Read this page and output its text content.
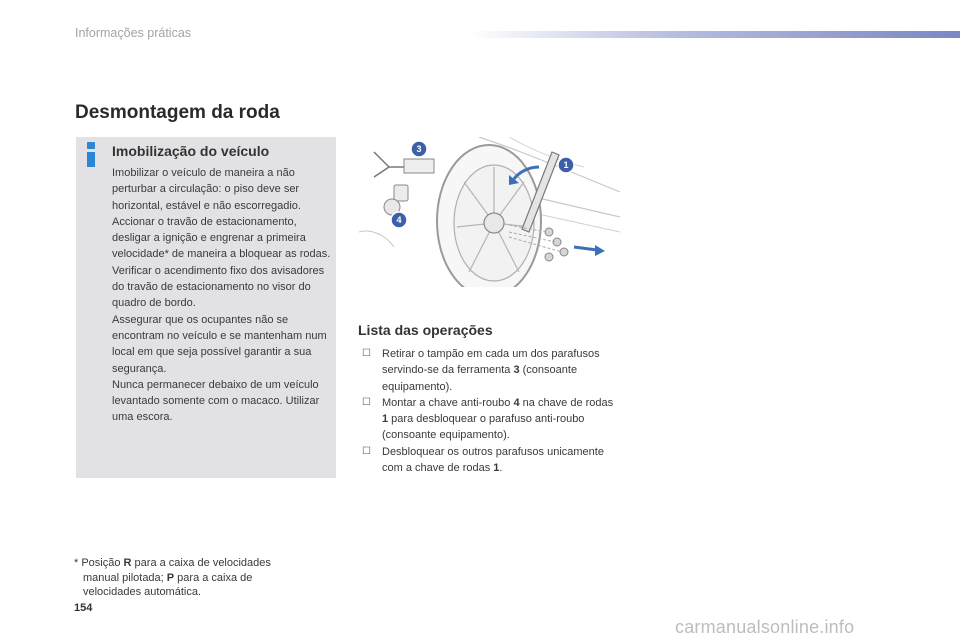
Informações práticas
Desmontagem da roda
Imobilização do veículo

Imobilizar o veículo de maneira a não perturbar a circulação: o piso deve ser horizontal, estável e não escorregadio.

Accionar o travão de estacionamento, desligar a ignição e engrenar a primeira velocidade* de maneira a bloquear as rodas.

Verificar o acendimento fixo dos avisadores do travão de estacionamento no visor do quadro de bordo.

Assegurar que os ocupantes não se encontram no veículo e se mantenham num local em que seja possível garantir a sua segurança.

Nunca permanecer debaixo de um veículo levantado somente com o macaco. Utilizar uma escora.

1
3
4
Lista das operações
☐ Retirar o tampão em cada um dos parafusos servindo-se da ferramenta 3 (consoante equipamento).
☐ Montar a chave anti-roubo 4 na chave de rodas 1 para desbloquear o parafuso anti-roubo (consoante equipamento).
☐ Desbloquear os outros parafusos unicamente com a chave de rodas 1.
* Posição R para a caixa de velocidades
manual pilotada; P para a caixa de
velocidades automática.
154
carmanualsonline.info
